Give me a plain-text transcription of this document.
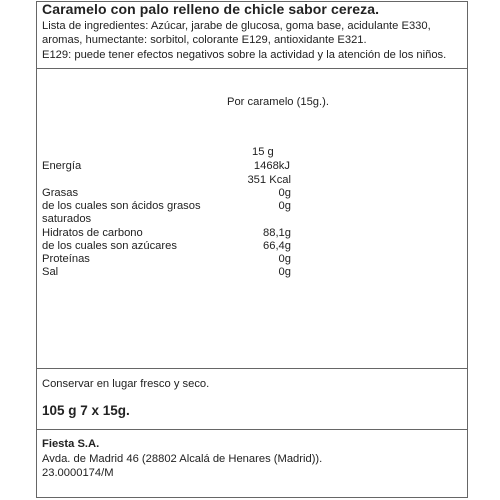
Caramelo con palo relleno de chicle sabor cereza.
Lista de ingredientes: Azúcar, jarabe de glucosa, goma base, acidulante E330,
aromas, humectante: sorbitol, colorante E129, antioxidante E321.
E129: puede tener efectos negativos sobre la actividad y la atención de los niños.
Por caramelo (15g.).
15 g
Energía	1468kJ
351 Kcal
Grasas	0g
de los cuales son ácidos grasos	0g
saturados
Hidratos de carbono	88,1g
de los cuales son azúcares	66,4g
Proteínas	0g
Sal	0g
Conservar en lugar fresco y seco.
105 g 7 x 15g.
Fiesta S.A.
Avda. de Madrid 46 (28802 Alcalá de Henares (Madrid)).
23.0000174/M
